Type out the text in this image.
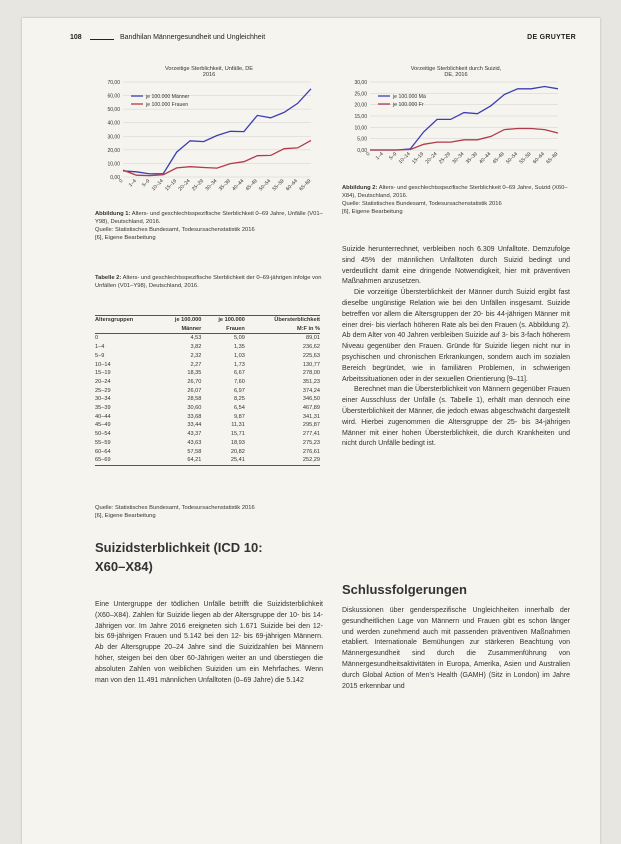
108	Bandhilan Männergesundheit und Ungleichheit	DE GRUYTER
Vorzeitige Sterblichkeit, Unfälle, DE
2016
0,00
10,00
20,00
30,00
40,00
50,00
60,00
70,00
0 1–4 5–9 10–14 15–19 20–24 25–29 30–34 35–39 40–44 45–49 50–54 55–59 60–64 65–69
je 100.000 Männer
je 100.000 Frauen
Abbildung 1: Alters- und geschlechtsspezifische Sterblichkeit 0–69 Jahre, Unfälle (V01–Y98), Deutschland, 2016.
Quelle: Statistisches Bundesamt, Todesursachenstatistik 2016
[6], Eigene Bearbeitung
Vorzeitige Sterblichkeit durch Suizid,
DE, 2016
0,00
5,00
10,00
15,00
20,00
25,00
30,00
0 1–4 5–9 10–14 15–19 20–24 25–29 30–34 35–39 40–44 45–49 50–54 55–59 60–64 65–69
je 100.000 Mä
je 100.000 Fr
Abbildung 2: Alters- und geschlechtsspezifische Sterblichkeit 0–69 Jahre, Suizid (X60–X84), Deutschland, 2016.
Quelle: Statistisches Bundesamt, Todesursachenstatistik 2016
[6], Eigene Bearbeitung
Tabelle 2: Alters- und geschlechtsspezifische Sterblichkeit der 0–69-jährigen infolge von Unfällen (V01–Y98), Deutschland, 2016.
Altersgruppen	je 100.000	je 100.000	Übersterblichkeit
	Männer	Frauen	M:F in %
0	4,53	5,09	89,01
1–4	3,82	1,35	236,62
5–9	2,32	1,03	225,63
10–14	2,27	1,73	130,77
15–19	18,35	6,67	278,00
20–24	26,70	7,60	351,23
25–29	26,07	6,97	374,24
30–34	28,58	8,25	346,50
35–39	30,60	6,54	467,89
40–44	33,68	9,87	341,31
45–49	33,44	11,31	295,87
50–54	43,37	15,71	277,41
55–59	43,63	18,93	275,23
60–64	57,58	20,82	276,61
65–69	64,21	25,41	252,29
Quelle: Statistisches Bundesamt, Todesursachenstatistik 2016
[6], Eigene Bearbeitung
Suizidsterblichkeit (ICD 10:
X60–X84)

Eine Untergruppe der tödlichen Unfälle betrifft die Suizidsterblichkeit (X60–X84). Zahlen für Suizide liegen ab der Altersgruppe der 10- bis 14-Jährigen vor. Im Jahre 2016 ereigneten sich 1.671 Suizide bei den 12- bis 69-jährigen Frauen und 5.142 bei den 12- bis 69-jährigen Männern. Ab der Altersgruppe 20–24 Jahre sind die Suizidzahlen bei Männern höher, steigen bei den über 60-Jährigen weiter an und überstiegen die absoluten Zahlen von weiblichen Suiziden um ein Mehrfaches. Wenn man von den 11.491 männlichen Unfalltoten (0–69 Jahre) die 5.142

Suizide herunterrechnet, verbleiben noch 6.309 Unfalltote. Demzufolge sind 45% der männlichen Unfalltoten durch Suizid bedingt und verdeutlicht damit eine dringende Notwendigkeit, hier mit präventiven Maßnahmen anzusetzen.

Die vorzeitige Übersterblichkeit der Männer durch Suizid ergibt fast dieselbe ungünstige Relation wie bei den Unfällen insgesamt. Suizide betreffen vor allem die Altersgruppen der 20- bis 44-jährigen Männer mit einer drei- bis vierfach höheren Rate als bei den Frauen (s. Abbildung 2). Ab dem Alter von 40 Jahren verbleiben Suizide auf 3- bis 3-fach höherem Niveau gegenüber den Frauen. Gründe für Suizide liegen nicht nur in psychischen und chronischen Erkrankungen, sondern auch im sozialen Bereich begründet, wie in familiären Problemen, in schwierigen Arbeitssituationen oder in der sexuellen Orientierung [9–11].

Berechnet man die Übersterblichkeit von Männern gegenüber Frauen einer Ausschluss der Unfälle (s. Tabelle 1), erhält man dennoch eine Übersterblichkeit der Männer, die jedoch etwas abgeschwächt dargestellt wird. Hierbei zugenommen die Altersgruppe der 25- bis 34-jährigen Männer mit einer hohen Übersterblichkeit, die durch Krankheiten und nicht durch Unfälle bedingt ist.

Schlussfolgerungen

Diskussionen über genderspezifische Ungleichheiten innerhalb der gesundheitlichen Lage von Männern und Frauen gibt es schon länger und werden zunehmend auch mit passenden präventiven Maßnahmen etabliert. Internationale Bemühungen zur stärkeren Beachtung von Männergesundheit sind durch die Zusammenführung von Männergesundheitsaktivitäten in Europa, Amerika, Asien und Australien durch Global Action of Men's Health (GAMH) (Sitz in London) im Jahre 2015 erkennbar und
